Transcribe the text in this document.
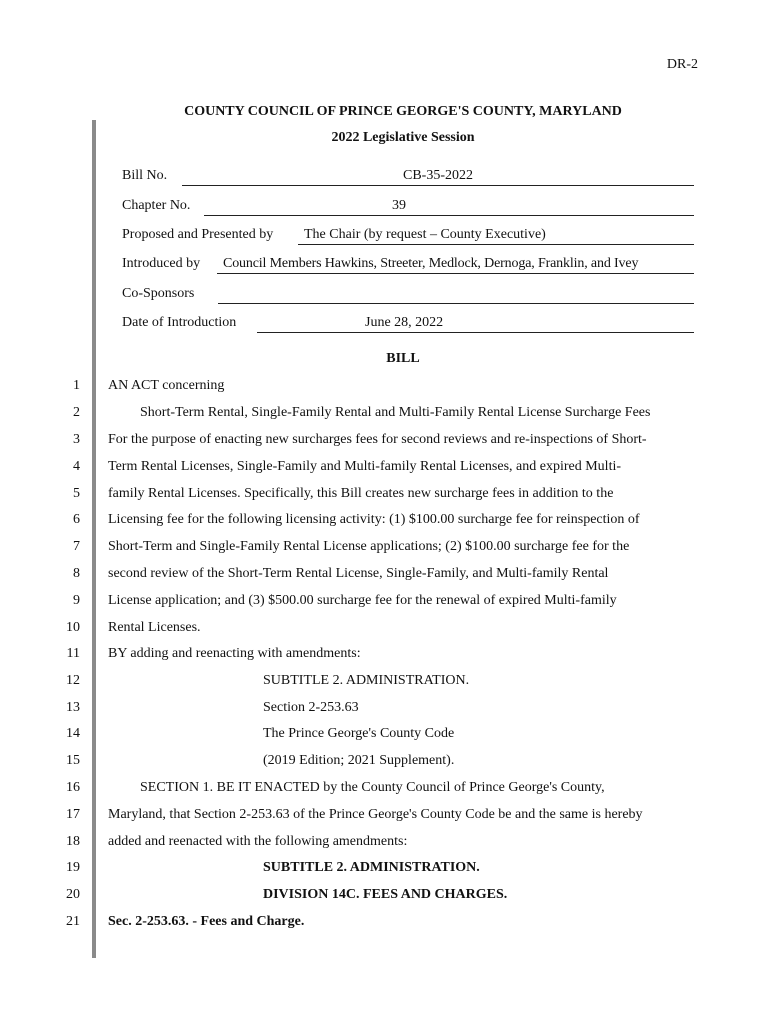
DR-2
COUNTY COUNCIL OF PRINCE GEORGE'S COUNTY, MARYLAND
2022 Legislative Session
Bill No.	CB-35-2022
Chapter No.	39
Proposed and Presented by	The Chair (by request – County Executive)
Introduced by	Council Members Hawkins, Streeter, Medlock, Dernoga, Franklin, and Ivey
Co-Sponsors
Date of Introduction	June 28, 2022
BILL
1 AN ACT concerning
2	Short-Term Rental, Single-Family Rental and Multi-Family Rental License Surcharge Fees
3 For the purpose of enacting new surcharges fees for second reviews and re-inspections of Short-
4 Term Rental Licenses, Single-Family and Multi-family Rental Licenses, and expired Multi-
5 family Rental Licenses. Specifically, this Bill creates new surcharge fees in addition to the
6 Licensing fee for the following licensing activity: (1) $100.00 surcharge fee for reinspection of
7 Short-Term and Single-Family Rental License applications; (2) $100.00 surcharge fee for the
8 second review of the Short-Term Rental License, Single-Family, and Multi-family Rental
9 License application; and (3) $500.00 surcharge fee for the renewal of expired Multi-family
10 Rental Licenses.
11 BY adding and reenacting with amendments:
12	SUBTITLE 2. ADMINISTRATION.
13	Section 2-253.63
14	The Prince George's County Code
15	(2019 Edition; 2021 Supplement).
16	SECTION 1. BE IT ENACTED by the County Council of Prince George's County,
17 Maryland, that Section 2-253.63 of the Prince George's County Code be and the same is hereby
18 added and reenacted with the following amendments:
19	SUBTITLE 2. ADMINISTRATION.
20	DIVISION 14C. FEES AND CHARGES.
21 Sec. 2-253.63. - Fees and Charge.
